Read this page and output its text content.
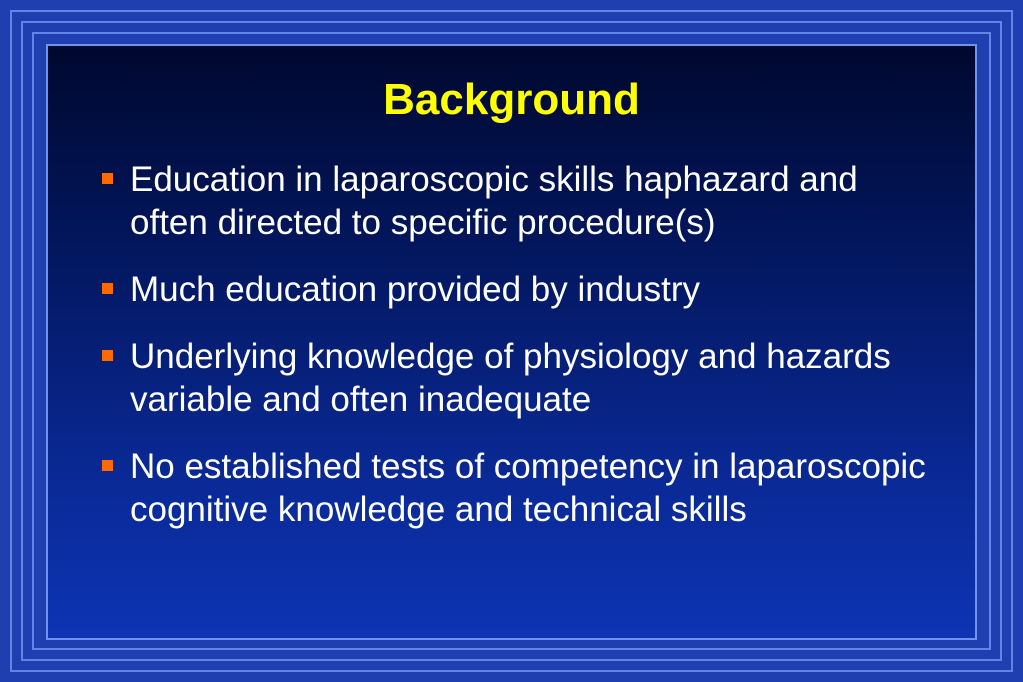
Background
Education in laparoscopic skills haphazard and often directed to specific procedure(s)
Much education provided by industry
Underlying knowledge of physiology and hazards variable and often inadequate
No established tests of competency in laparoscopic cognitive knowledge and technical skills
